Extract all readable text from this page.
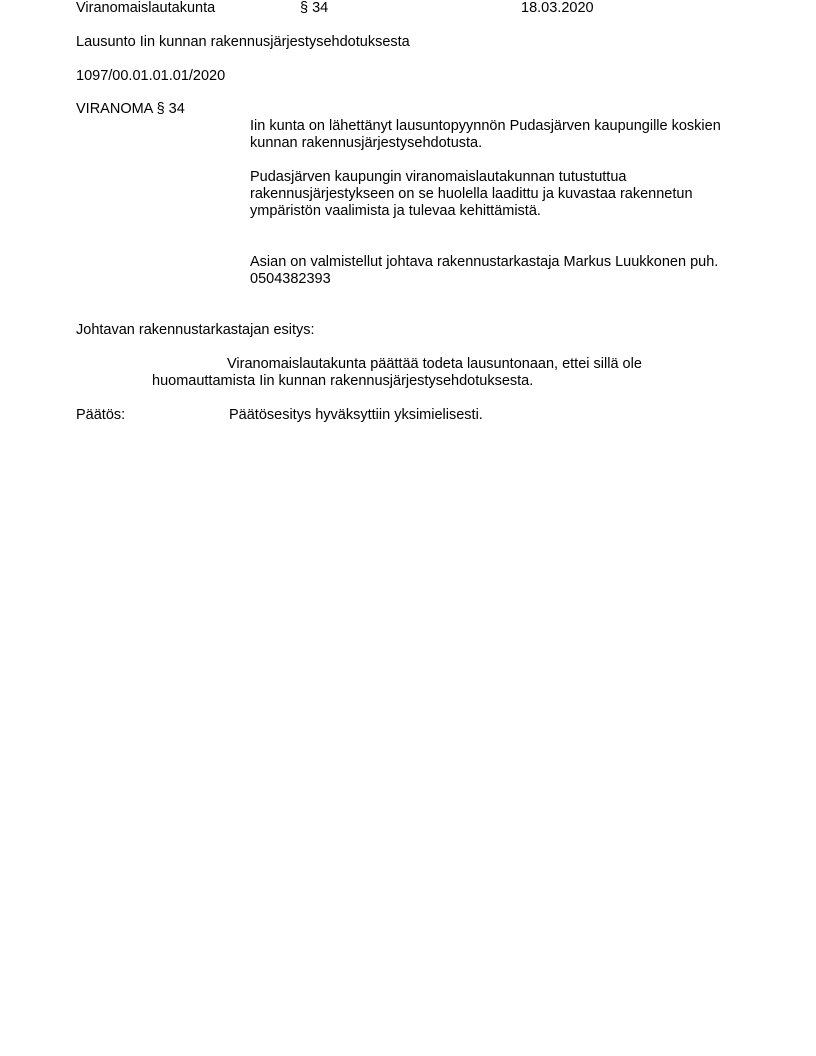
Viranomaislautakunta	§ 34	18.03.2020
Lausunto Iin kunnan rakennusjärjestysehdotuksesta
1097/00.01.01.01/2020
VIRANOMA § 34

Iin kunta on lähettänyt lausuntopyynnön Pudasjärven kaupungille koskien

kunnan rakennusjärjestysehdotusta.

Pudasjärven kaupungin viranomaislautakunnan tutustuttua

rakennusjärjestykseen on se huolella laadittu ja kuvastaa rakennetun

ympäristön vaalimista ja tulevaa kehittämistä.

Asian on valmistellut johtava rakennustarkastaja Markus Luukkonen puh.

0504382393

Johtavan rakennustarkastajan esitys:
Viranomaislautakunta päättää todeta lausuntonaan, ettei sillä ole
huomauttamista Iin kunnan rakennusjärjestysehdotuksesta.
Päätös:	Päätösesitys hyväksyttiin yksimielisesti.
